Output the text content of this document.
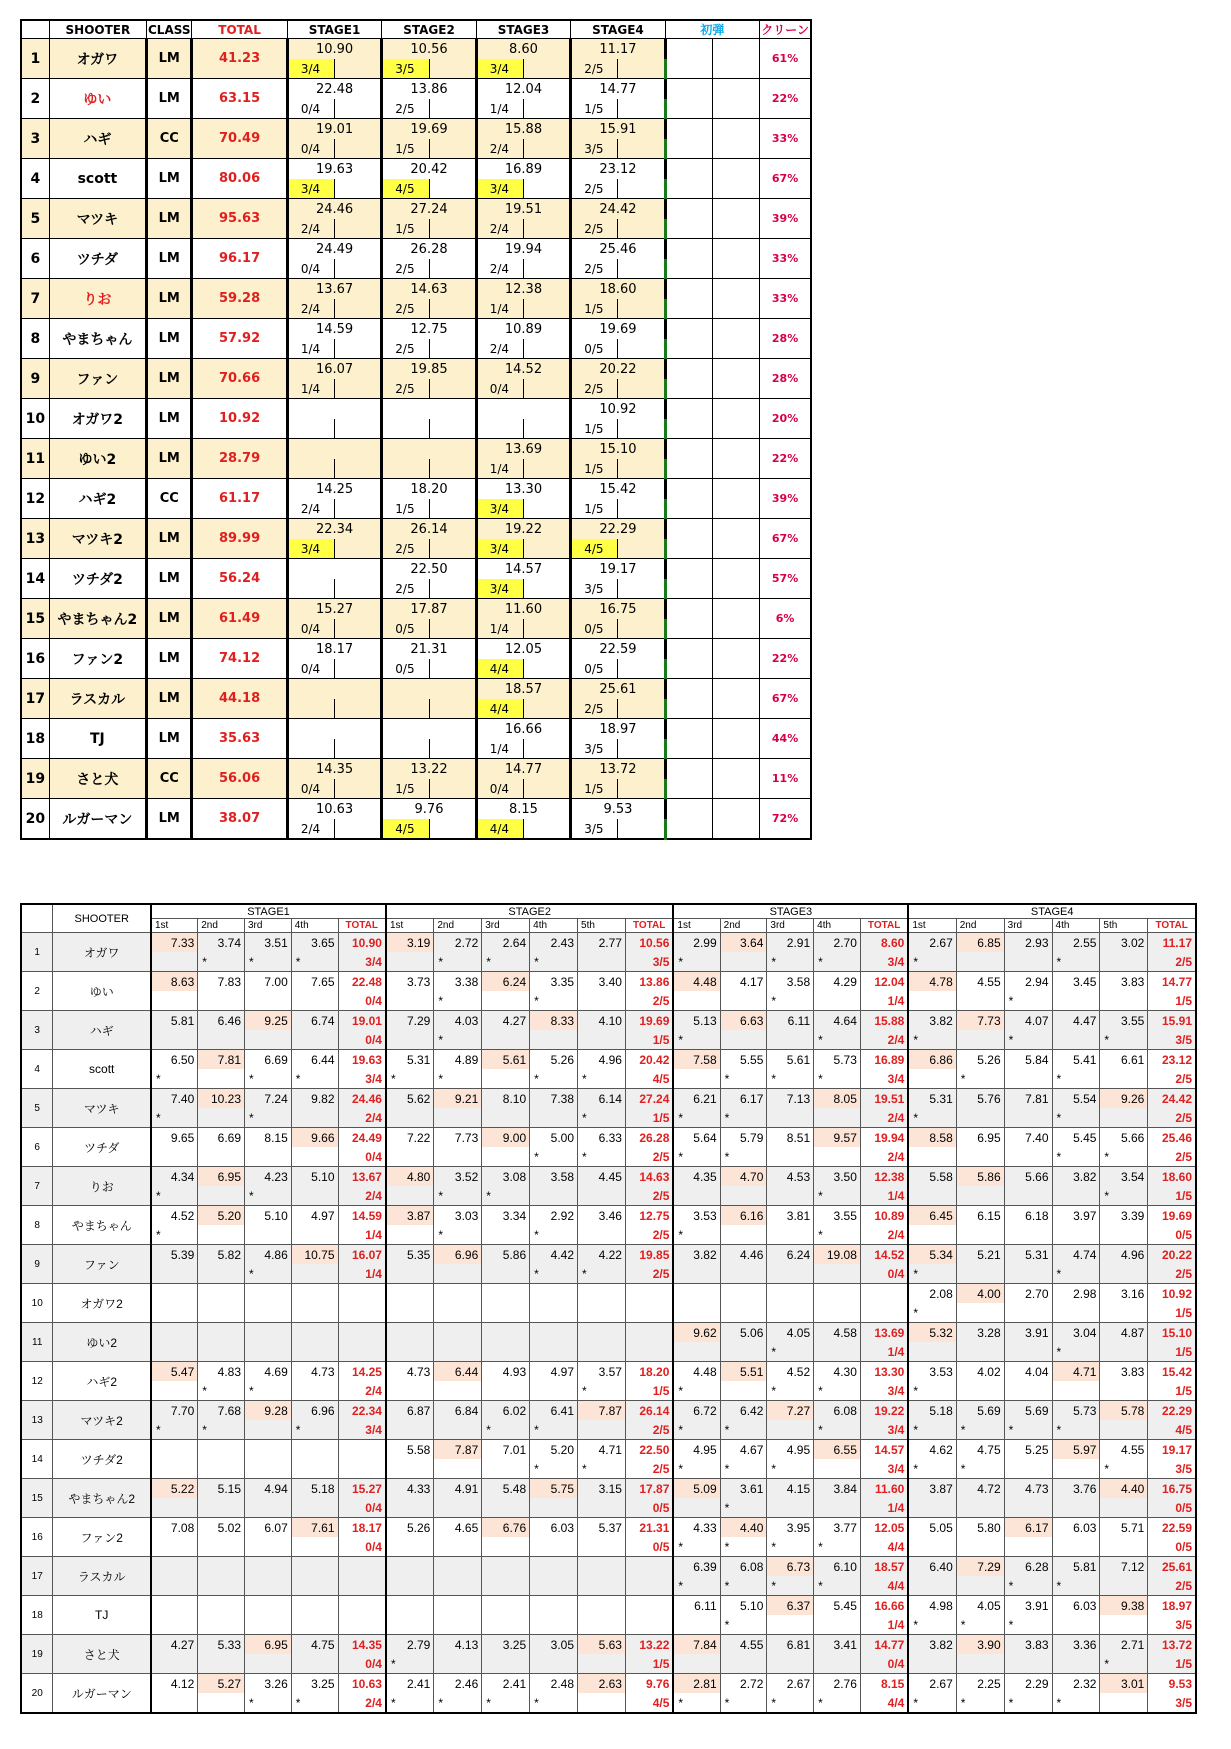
	SHOOTER	CLASS	TOTAL	STAGE1		STAGE2		STAGE3		STAGE4		初弾		クリーン
1	オガワ	LM	41.23	10.90		10.56		8.60		11.17				61%
				3/4		3/5		3/4		2/5				
2	ゆい	LM	63.15	22.48		13.86		12.04		14.77				22%
				0/4		2/5		1/4		1/5				
3	ハギ	CC	70.49	19.01		19.69		15.88		15.91				33%
				0/4		1/5		2/4		3/5				
4	scott	LM	80.06	19.63		20.42		16.89		23.12				67%
				3/4		4/5		3/4		2/5				
5	マツキ	LM	95.63	24.46		27.24		19.51		24.42				39%
				2/4		1/5		2/4		2/5				
6	ツチダ	LM	96.17	24.49		26.28		19.94		25.46				33%
				0/4		2/5		2/4		2/5				
7	りお	LM	59.28	13.67		14.63		12.38		18.60				33%
				2/4		2/5		1/4		1/5				
8	やまちゃん	LM	57.92	14.59		12.75		10.89		19.69				28%
				1/4		2/5		2/4		0/5				
9	ファン	LM	70.66	16.07		19.85		14.52		20.22				28%
				1/4		2/5		0/4		2/5				
10	オガワ2	LM	10.92							10.92				20%
										1/5				
11	ゆい2	LM	28.79					13.69		15.10				22%
								1/4		1/5				
12	ハギ2	CC	61.17	14.25		18.20		13.30		15.42				39%
				2/4		1/5		3/4		1/5				
13	マツキ2	LM	89.99	22.34		26.14		19.22		22.29				67%
				3/4		2/5		3/4		4/5				
14	ツチダ2	LM	56.24			22.50		14.57		19.17				57%
						2/5		3/4		3/5				
15	やまちゃん2	LM	61.49	15.27		17.87		11.60		16.75				6%
				0/4		0/5		1/4		0/5				
16	ファン2	LM	74.12	18.17		21.31		12.05		22.59				22%
				0/4		0/5		4/4		0/5				
17	ラスカル	LM	44.18					18.57		25.61				67%
								4/4		2/5				
18	TJ	LM	35.63					16.66		18.97				44%
								1/4		3/5				
19	さと犬	CC	56.06	14.35		13.22		14.77		13.72				11%
				0/4		1/5		0/4		1/5				
20	ルガーマン	LM	38.07	10.63		9.76		8.15		9.53				72%
				2/4		4/5		4/4		3/5				
	SHOOTER	STAGE1					STAGE2						STAGE3					STAGE4					
		1st	2nd	3rd	4th	TOTAL	1st	2nd	3rd	4th	5th	TOTAL	1st	2nd	3rd	4th	TOTAL	1st	2nd	3rd	4th	5th	TOTAL
1	オガワ	7.33	3.74	3.51	3.65	10.90	3.19	2.72	2.64	2.43	2.77	10.56	2.99	3.64	2.91	2.70	8.60	2.67	6.85	2.93	2.55	3.02	11.17
			*	*	*	3/4		*	*	*		3/5	*		*	*	3/4	*			*		2/5
2	ゆい	8.63	7.83	7.00	7.65	22.48	3.73	3.38	6.24	3.35	3.40	13.86	4.48	4.17	3.58	4.29	12.04	4.78	4.55	2.94	3.45	3.83	14.77
						0/4		*		*		2/5			*		1/4			*			1/5
3	ハギ	5.81	6.46	9.25	6.74	19.01	7.29	4.03	4.27	8.33	4.10	19.69	5.13	6.63	6.11	4.64	15.88	3.82	7.73	4.07	4.47	3.55	15.91
						0/4		*				1/5	*			*	2/4	*		*		*	3/5
4	scott	6.50	7.81	6.69	6.44	19.63	5.31	4.89	5.61	5.26	4.96	20.42	7.58	5.55	5.61	5.73	16.89	6.86	5.26	5.84	5.41	6.61	23.12
		*		*	*	3/4	*	*		*	*	4/5		*	*	*	3/4		*		*		2/5
5	マツキ	7.40	10.23	7.24	9.82	24.46	5.62	9.21	8.10	7.38	6.14	27.24	6.21	6.17	7.13	8.05	19.51	5.31	5.76	7.81	5.54	9.26	24.42
		*		*		2/4					*	1/5	*	*			2/4	*			*		2/5
6	ツチダ	9.65	6.69	8.15	9.66	24.49	7.22	7.73	9.00	5.00	6.33	26.28	5.64	5.79	8.51	9.57	19.94	8.58	6.95	7.40	5.45	5.66	25.46
						0/4				*	*	2/5	*	*			2/4				*	*	2/5
7	りお	4.34	6.95	4.23	5.10	13.67	4.80	3.52	3.08	3.58	4.45	14.63	4.35	4.70	4.53	3.50	12.38	5.58	5.86	5.66	3.82	3.54	18.60
		*		*		2/4		*	*			2/5				*	1/4					*	1/5
8	やまちゃん	4.52	5.20	5.10	4.97	14.59	3.87	3.03	3.34	2.92	3.46	12.75	3.53	6.16	3.81	3.55	10.89	6.45	6.15	6.18	3.97	3.39	19.69
		*				1/4		*		*		2/5	*			*	2/4						0/5
9	ファン	5.39	5.82	4.86	10.75	16.07	5.35	6.96	5.86	4.42	4.22	19.85	3.82	4.46	6.24	19.08	14.52	5.34	5.21	5.31	4.74	4.96	20.22
				*		1/4				*	*	2/5					0/4	*			*		2/5
10	オガワ2																	2.08	4.00	2.70	2.98	3.16	10.92
																		*					1/5
11	ゆい2												9.62	5.06	4.05	4.58	13.69	5.32	3.28	3.91	3.04	4.87	15.10
															*		1/4				*		1/5
12	ハギ2	5.47	4.83	4.69	4.73	14.25	4.73	6.44	4.93	4.97	3.57	18.20	4.48	5.51	4.52	4.30	13.30	3.53	4.02	4.04	4.71	3.83	15.42
			*	*		2/4					*	1/5	*		*	*	3/4	*					1/5
13	マツキ2	7.70	7.68	9.28	6.96	22.34	6.87	6.84	6.02	6.41	7.87	26.14	6.72	6.42	7.27	6.08	19.22	5.18	5.69	5.69	5.73	5.78	22.29
		*	*		*	3/4			*	*		2/5	*	*		*	3/4	*	*	*	*		4/5
14	ツチダ2						5.58	7.87	7.01	5.20	4.71	22.50	4.95	4.67	4.95	6.55	14.57	4.62	4.75	5.25	5.97	4.55	19.17
										*	*	2/5	*	*	*		3/4	*	*			*	3/5
15	やまちゃん2	5.22	5.15	4.94	5.18	15.27	4.33	4.91	5.48	5.75	3.15	17.87	5.09	3.61	4.15	3.84	11.60	3.87	4.72	4.73	3.76	4.40	16.75
						0/4						0/5		*			1/4						0/5
16	ファン2	7.08	5.02	6.07	7.61	18.17	5.26	4.65	6.76	6.03	5.37	21.31	4.33	4.40	3.95	3.77	12.05	5.05	5.80	6.17	6.03	5.71	22.59
						0/4						0/5	*	*	*	*	4/4						0/5
17	ラスカル												6.39	6.08	6.73	6.10	18.57	6.40	7.29	6.28	5.81	7.12	25.61
													*	*	*	*	4/4			*	*		2/5
18	TJ												6.11	5.10	6.37	5.45	16.66	4.98	4.05	3.91	6.03	9.38	18.97
														*			1/4	*	*	*			3/5
19	さと犬	4.27	5.33	6.95	4.75	14.35	2.79	4.13	3.25	3.05	5.63	13.22	7.84	4.55	6.81	3.41	14.77	3.82	3.90	3.83	3.36	2.71	13.72
						0/4	*					1/5					0/4					*	1/5
20	ルガーマン	4.12	5.27	3.26	3.25	10.63	2.41	2.46	2.41	2.48	2.63	9.76	2.81	2.72	2.67	2.76	8.15	2.67	2.25	2.29	2.32	3.01	9.53
				*	*	2/4	*	*	*	*		4/5	*	*	*	*	4/4	*	*	*	*		3/5
